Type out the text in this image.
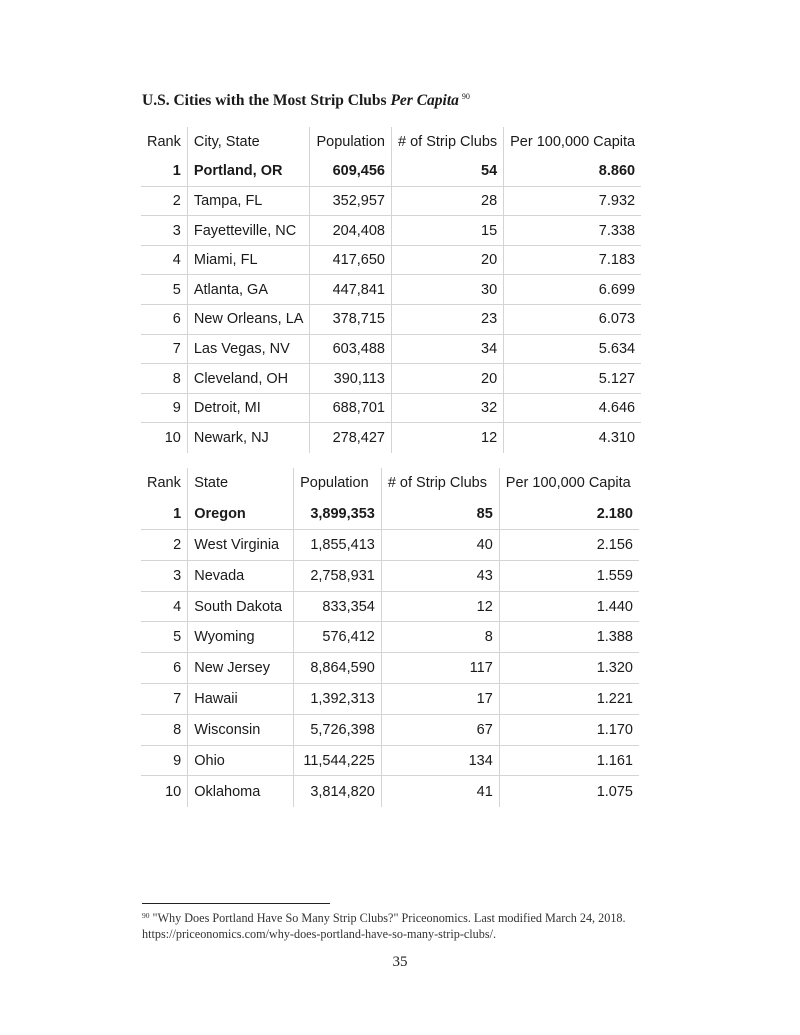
U.S. Cities with the Most Strip Clubs Per Capita $^{90}$
Rank	City, State	Population	# of Strip Clubs	Per 100,000 Capita
1	Portland, OR	609,456	54	8.860
2	Tampa, FL	352,957	28	7.932
3	Fayetteville, NC	204,408	15	7.338
4	Miami, FL	417,650	20	7.183
5	Atlanta, GA	447,841	30	6.699
6	New Orleans, LA	378,715	23	6.073
7	Las Vegas, NV	603,488	34	5.634
8	Cleveland, OH	390,113	20	5.127
9	Detroit, MI	688,701	32	4.646
10	Newark, NJ	278,427	12	4.310
Rank	State	Population	# of Strip Clubs	Per 100,000 Capita
1	Oregon	3,899,353	85	2.180
2	West Virginia	1,855,413	40	2.156
3	Nevada	2,758,931	43	1.559
4	South Dakota	833,354	12	1.440
5	Wyoming	576,412	8	1.388
6	New Jersey	8,864,590	117	1.320
7	Hawaii	1,392,313	17	1.221
8	Wisconsin	5,726,398	67	1.170
9	Ohio	11,544,225	134	1.161
10	Oklahoma	3,814,820	41	1.075
$^{90}$ "Why Does Portland Have So Many Strip Clubs?" Priceonomics. Last modified March 24, 2018. https://priceonomics.com/why-does-portland-have-so-many-strip-clubs/.
35
